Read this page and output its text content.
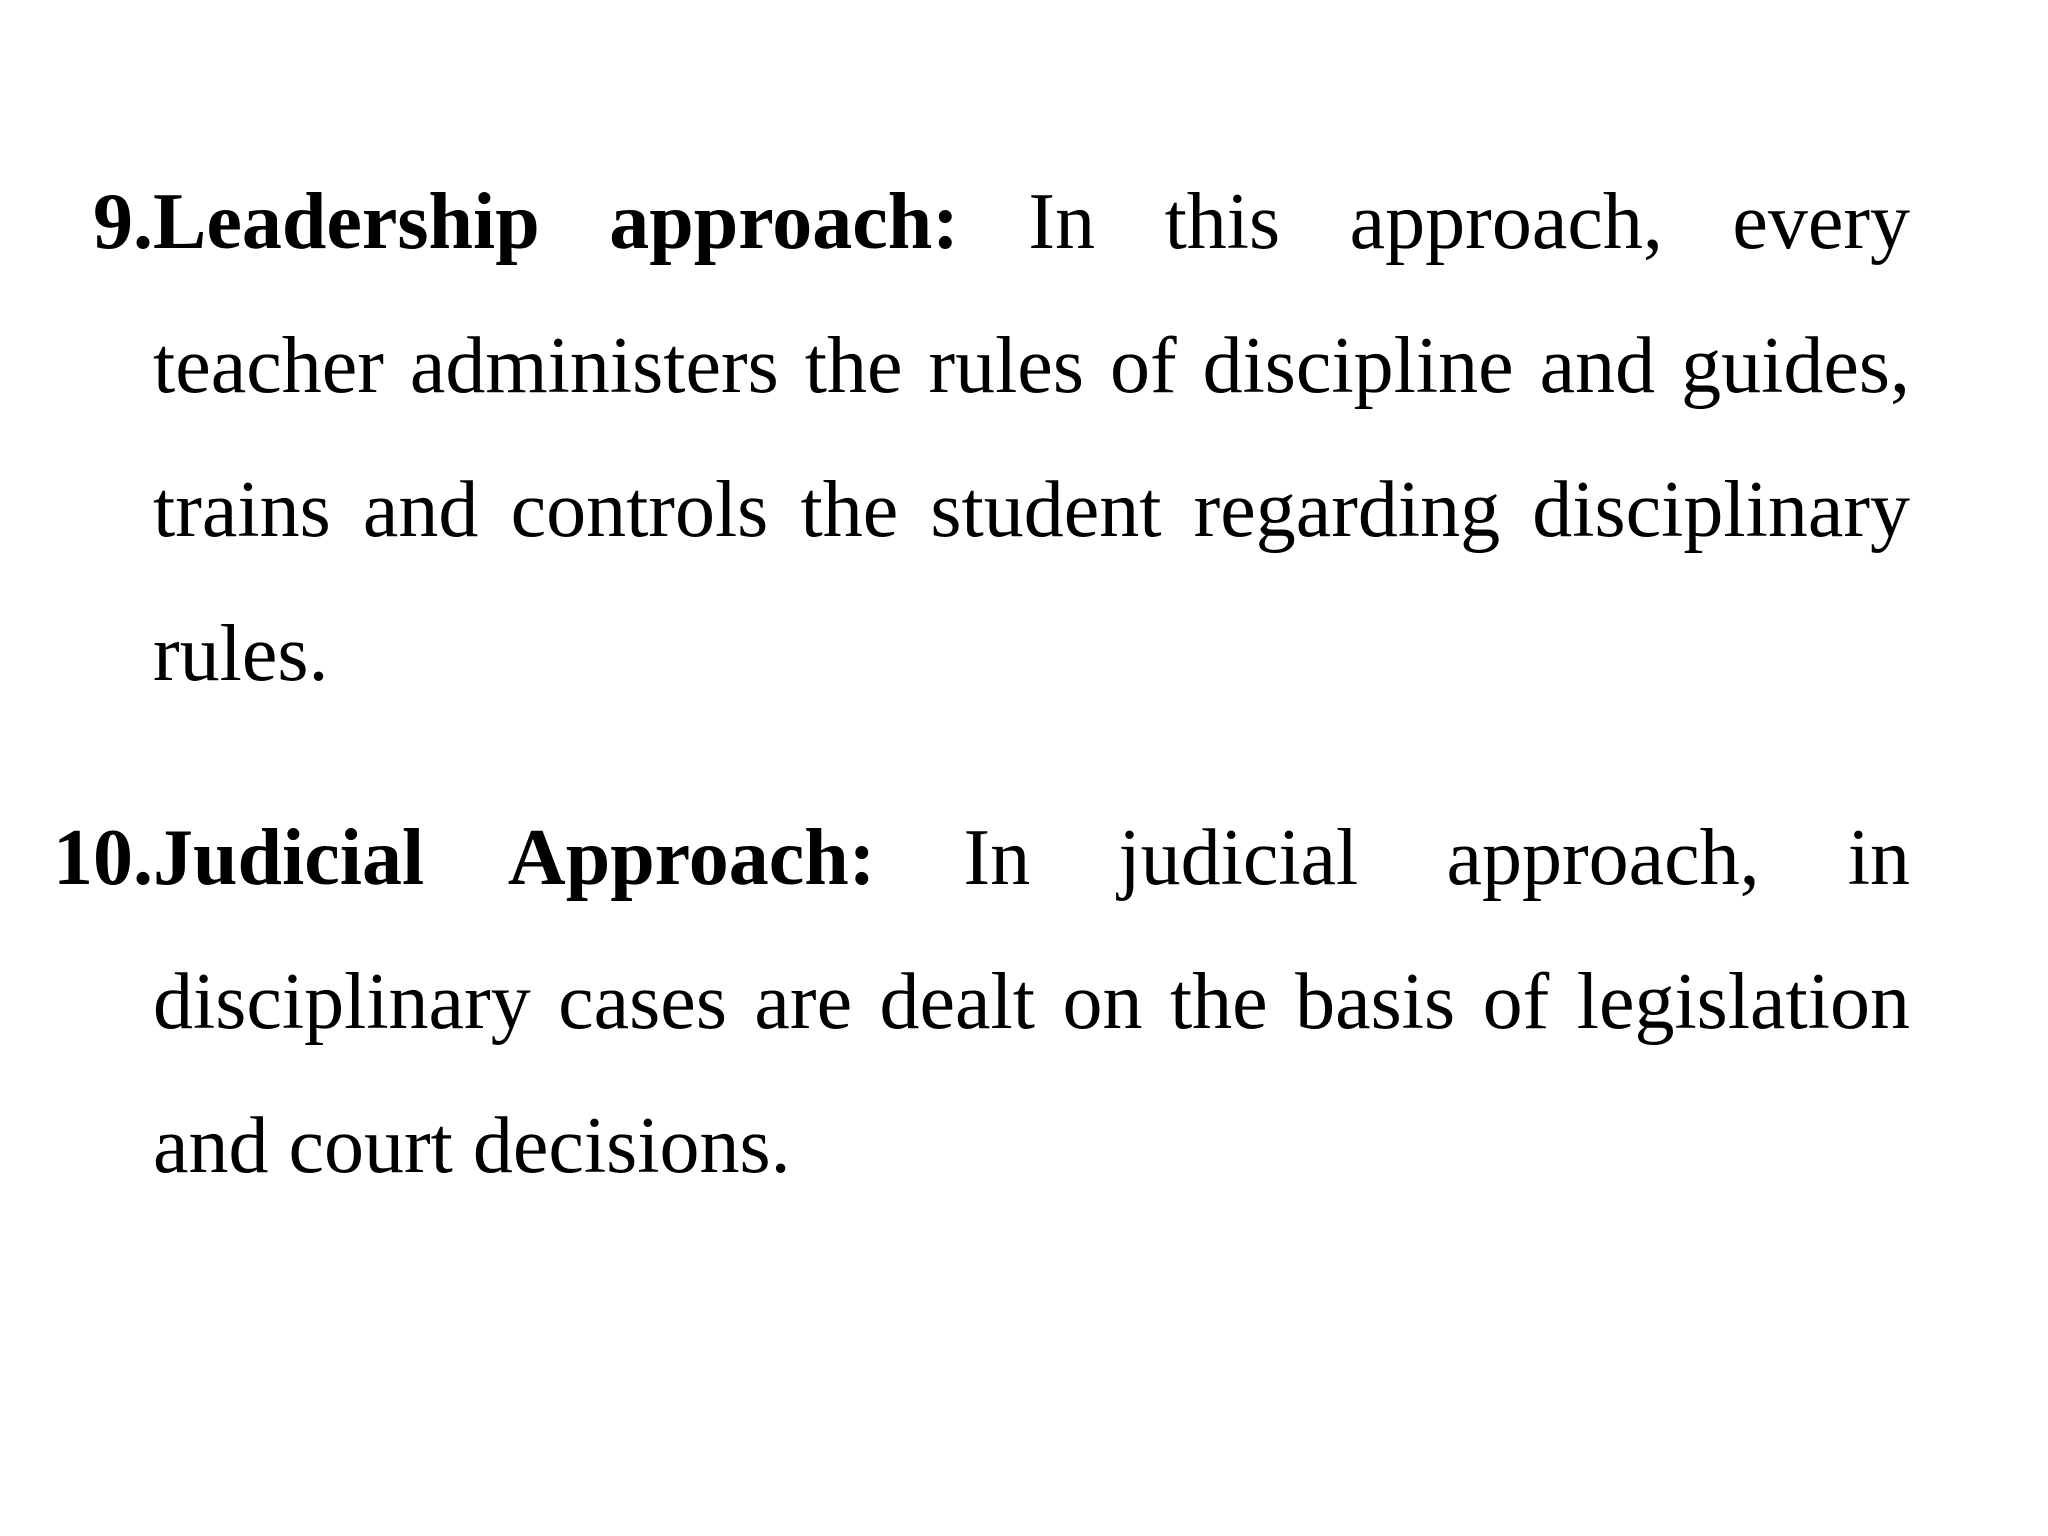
9. Leadership approach: In this approach, every teacher administers the rules of discipline and guides, trains and controls the student regarding disciplinary rules.

10. Judicial Approach: In judicial approach, in disciplinary cases are dealt on the basis of legislation and court decisions.
